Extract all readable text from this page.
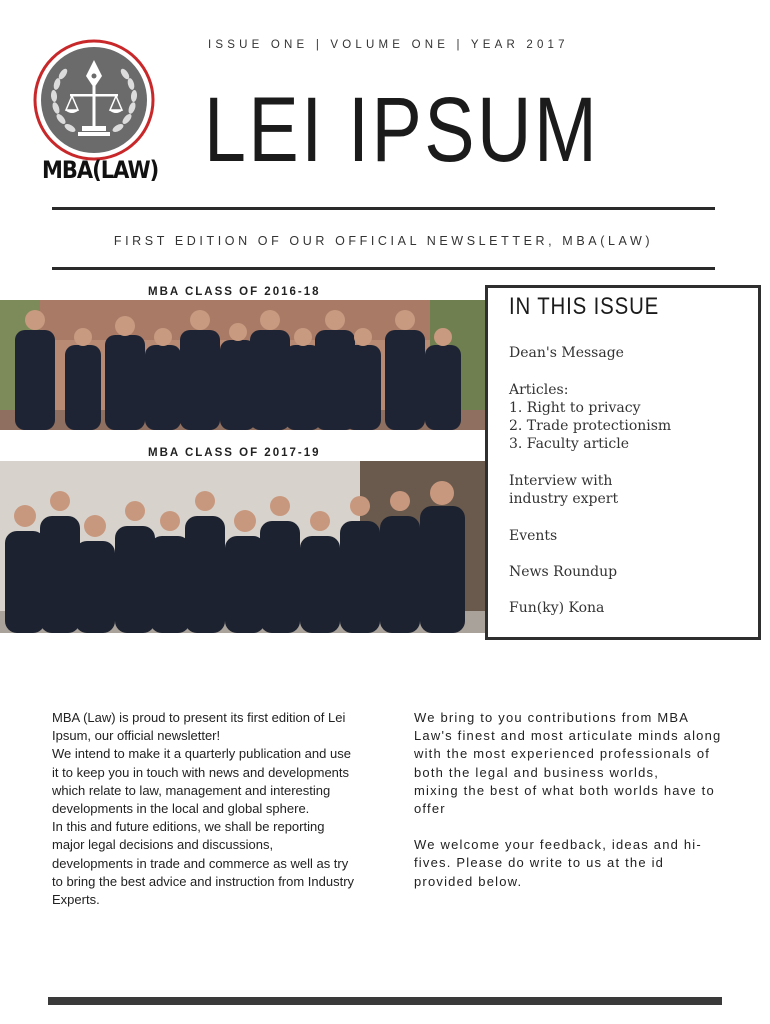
MBA(LAW)
ISSUE ONE | VOLUME ONE | YEAR 2017
LEI IPSUM
FIRST EDITION OF OUR OFFICIAL NEWSLETTER, MBA(LAW)
MBA CLASS OF 2016-18
MBA CLASS OF 2017-19
IN THIS ISSUE
Dean's Message
Articles:
1. Right to privacy
2. Trade protectionism
3. Faculty article
Interview with
industry expert
Events
News Roundup
Fun(ky) Kona

MBA (Law) is proud to present its first edition of Lei Ipsum, our official newsletter!

We intend to make it a quarterly publication and use it to keep you in touch with news and developments which relate to law, management and interesting developments in the local and global sphere.

In this and future editions, we shall be reporting major legal decisions and discussions, developments in trade and commerce as well as try to bring the best advice and instruction from Industry Experts.

We bring to you contributions from MBA Law's finest and most articulate minds along with the most experienced professionals of both the legal and business worlds,

mixing the best of what both worlds have to offer

We welcome your feedback, ideas and hi-fives. Please do write to us at the id provided below.
